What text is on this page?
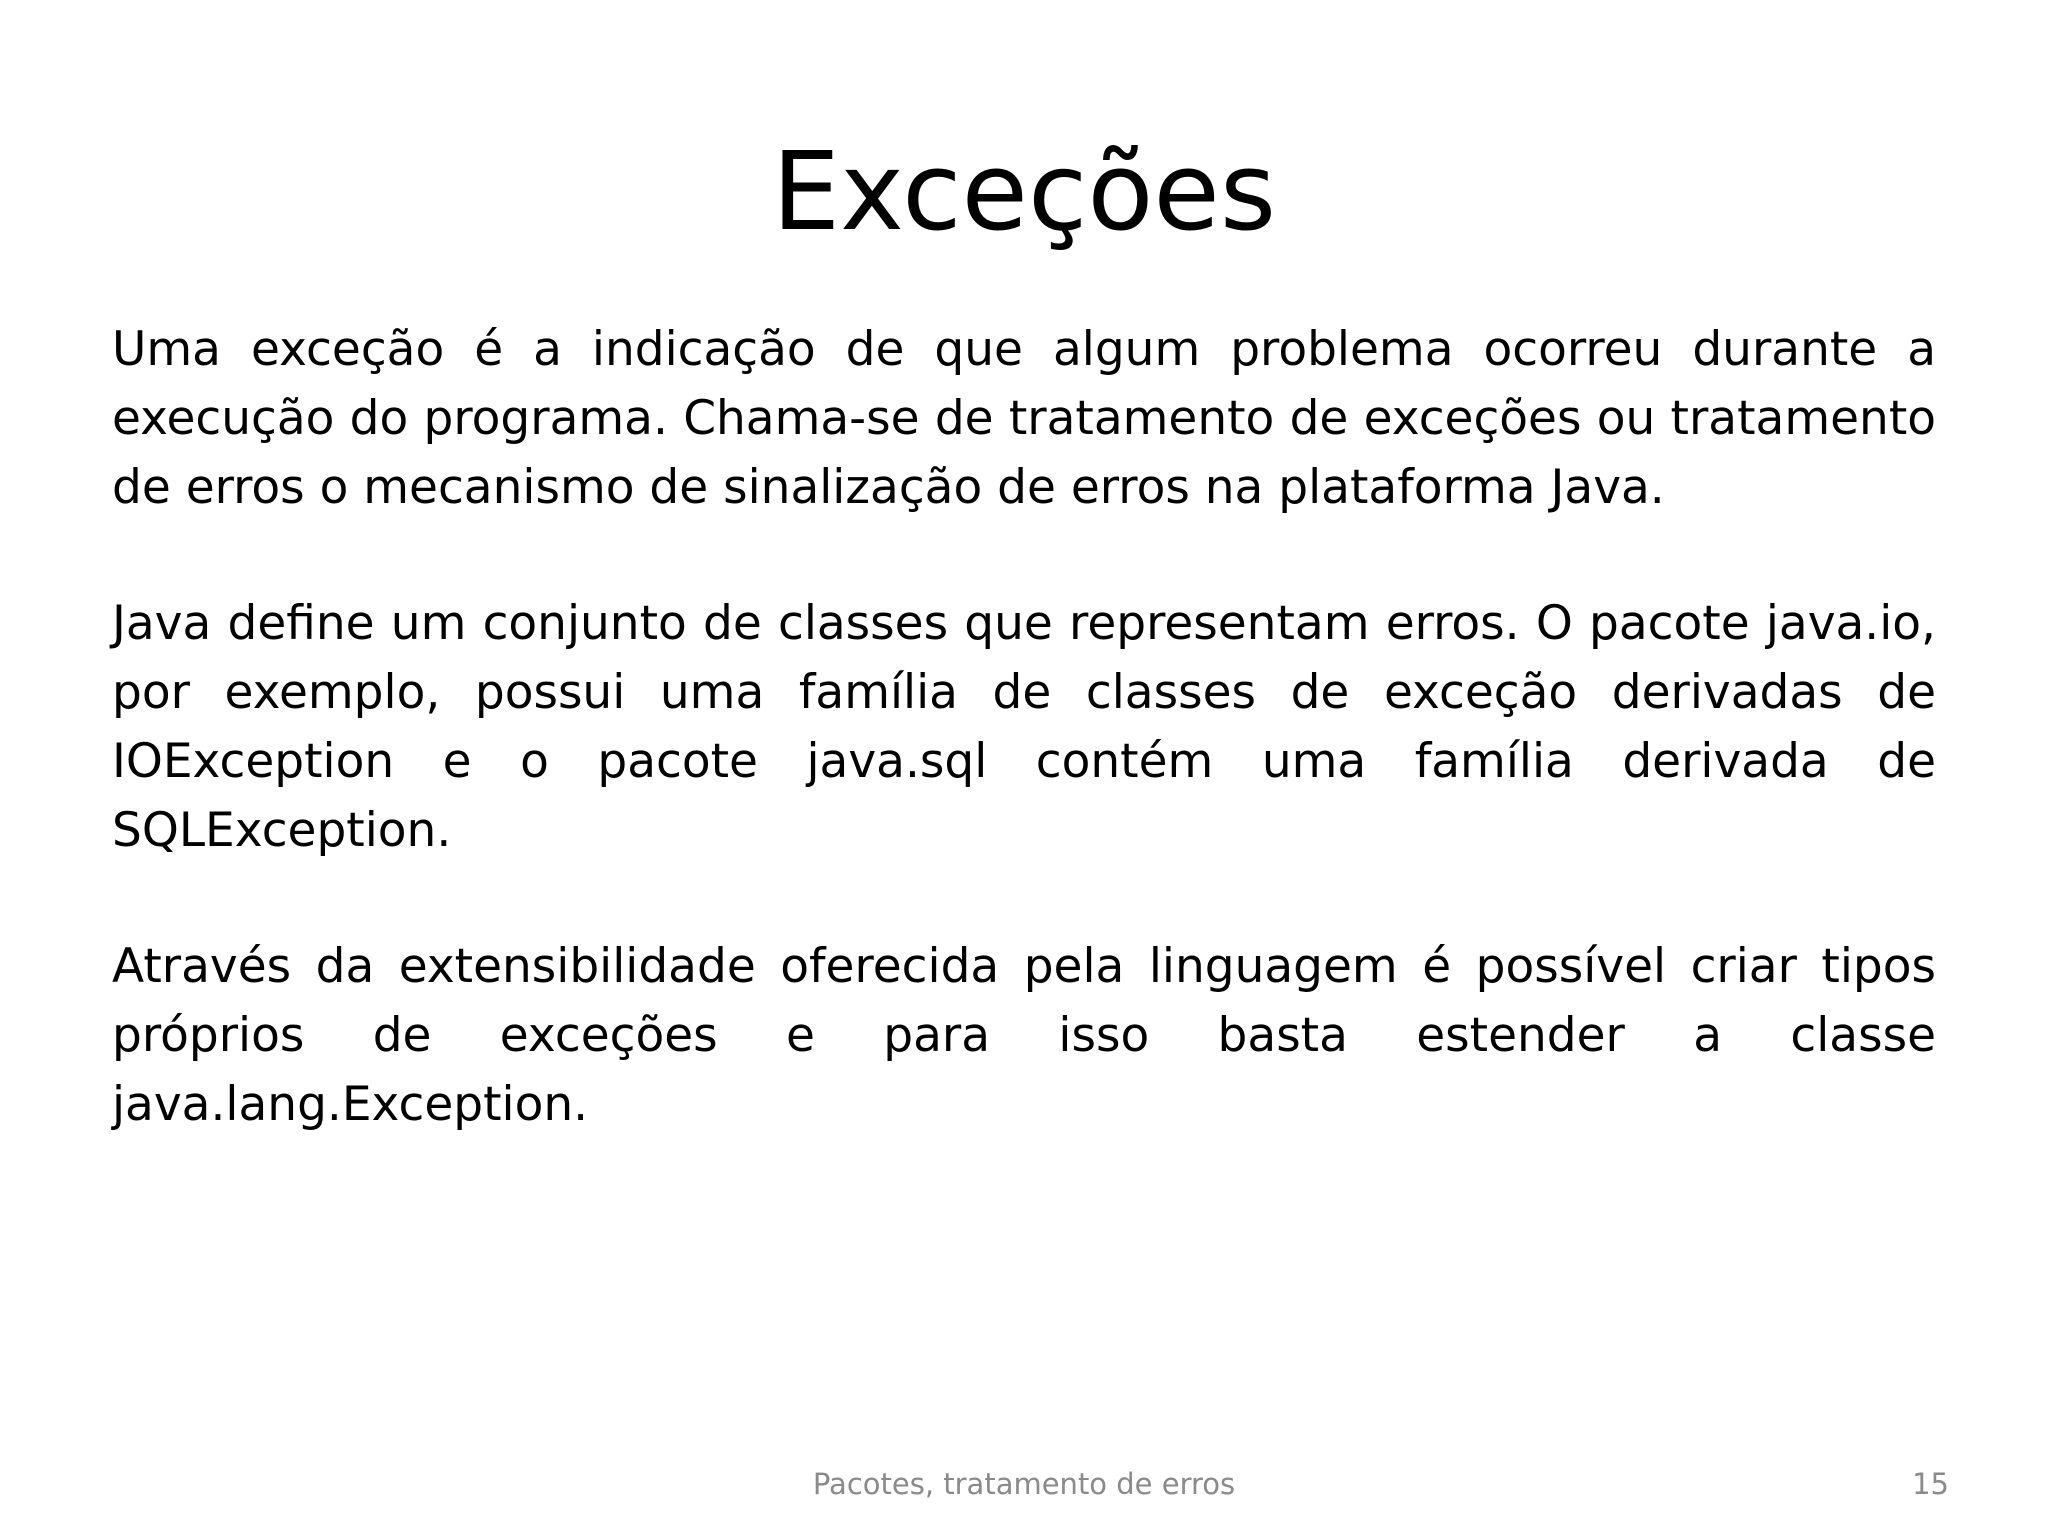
Exceções

Uma exceção é a indicação de que algum problema ocorreu durante a execução do programa. Chama-se de tratamento de exceções ou tratamento de erros o mecanismo de sinalização de erros na plataforma Java.

Java define um conjunto de classes que representam erros. O pacote java.io, por exemplo, possui uma família de classes de exceção derivadas de IOException e o pacote java.sql contém uma família derivada de SQLException.

Através da extensibilidade oferecida pela linguagem é possível criar tipos próprios de exceções e para isso basta estender a classe java.lang.Exception.

Pacotes, tratamento de erros	15
